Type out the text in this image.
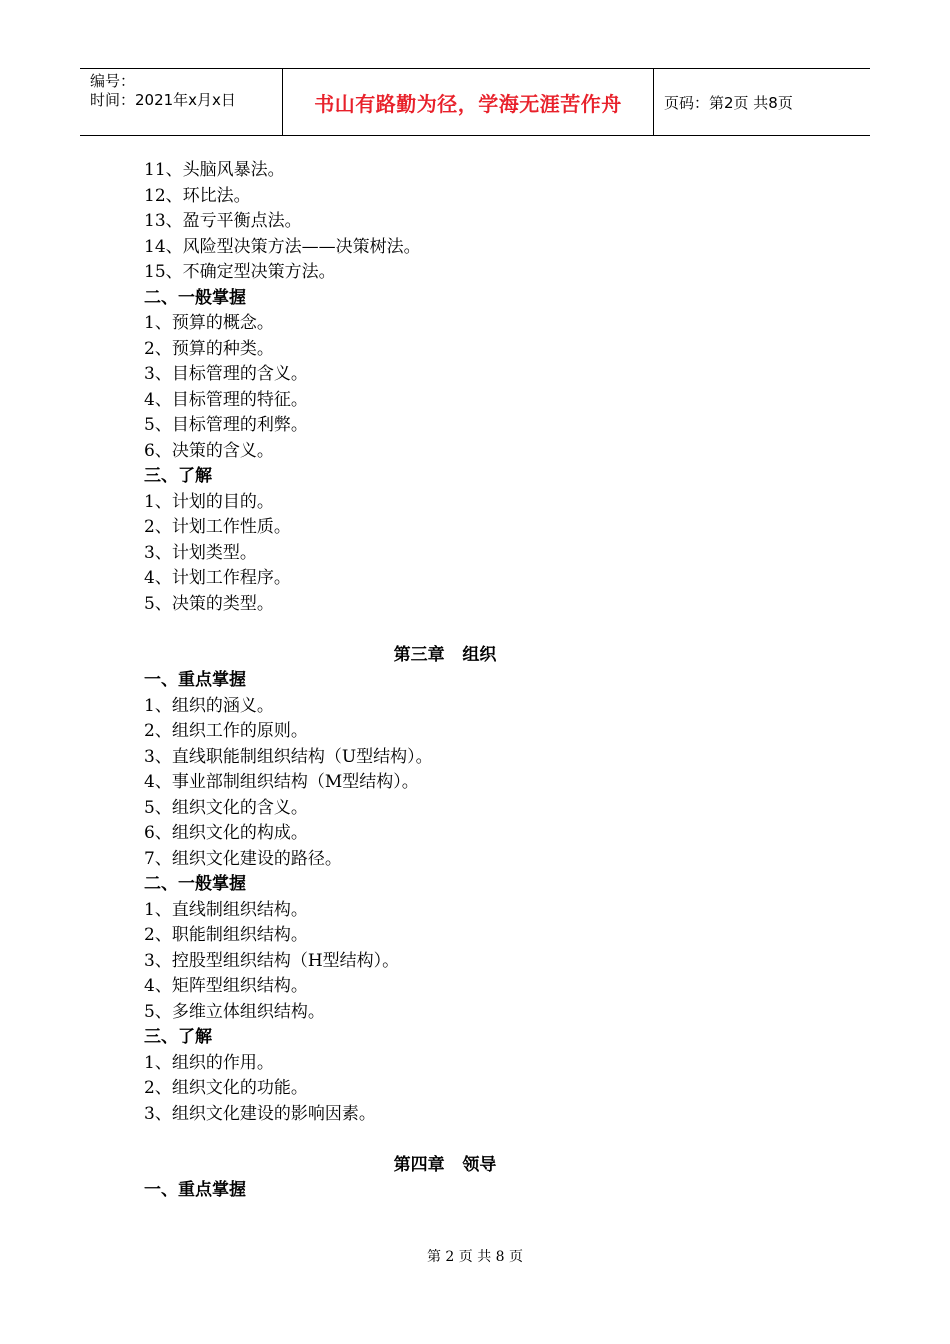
编号：
时间：2021年x月x日	书山有路勤为径，学海无涯苦作舟	页码：第2页 共8页
11、头脑风暴法。
12、环比法。
13、盈亏平衡点法。
14、风险型决策方法——决策树法。
15、不确定型决策方法。
二、一般掌握
1、预算的概念。
2、预算的种类。
3、目标管理的含义。
4、目标管理的特征。
5、目标管理的利弊。
6、决策的含义。
三、了解
1、计划的目的。
2、计划工作性质。
3、计划类型。
4、计划工作程序。
5、决策的类型。
第三章   组织
一、重点掌握
1、组织的涵义。
2、组织工作的原则。
3、直线职能制组织结构（U型结构）。
4、事业部制组织结构（M型结构）。
5、组织文化的含义。
6、组织文化的构成。
7、组织文化建设的路径。
二、一般掌握
1、直线制组织结构。
2、职能制组织结构。
3、控股型组织结构（H型结构）。
4、矩阵型组织结构。
5、多维立体组织结构。
三、了解
1、组织的作用。
2、组织文化的功能。
3、组织文化建设的影响因素。
第四章   领导
一、重点掌握
第 2 页 共 8 页
